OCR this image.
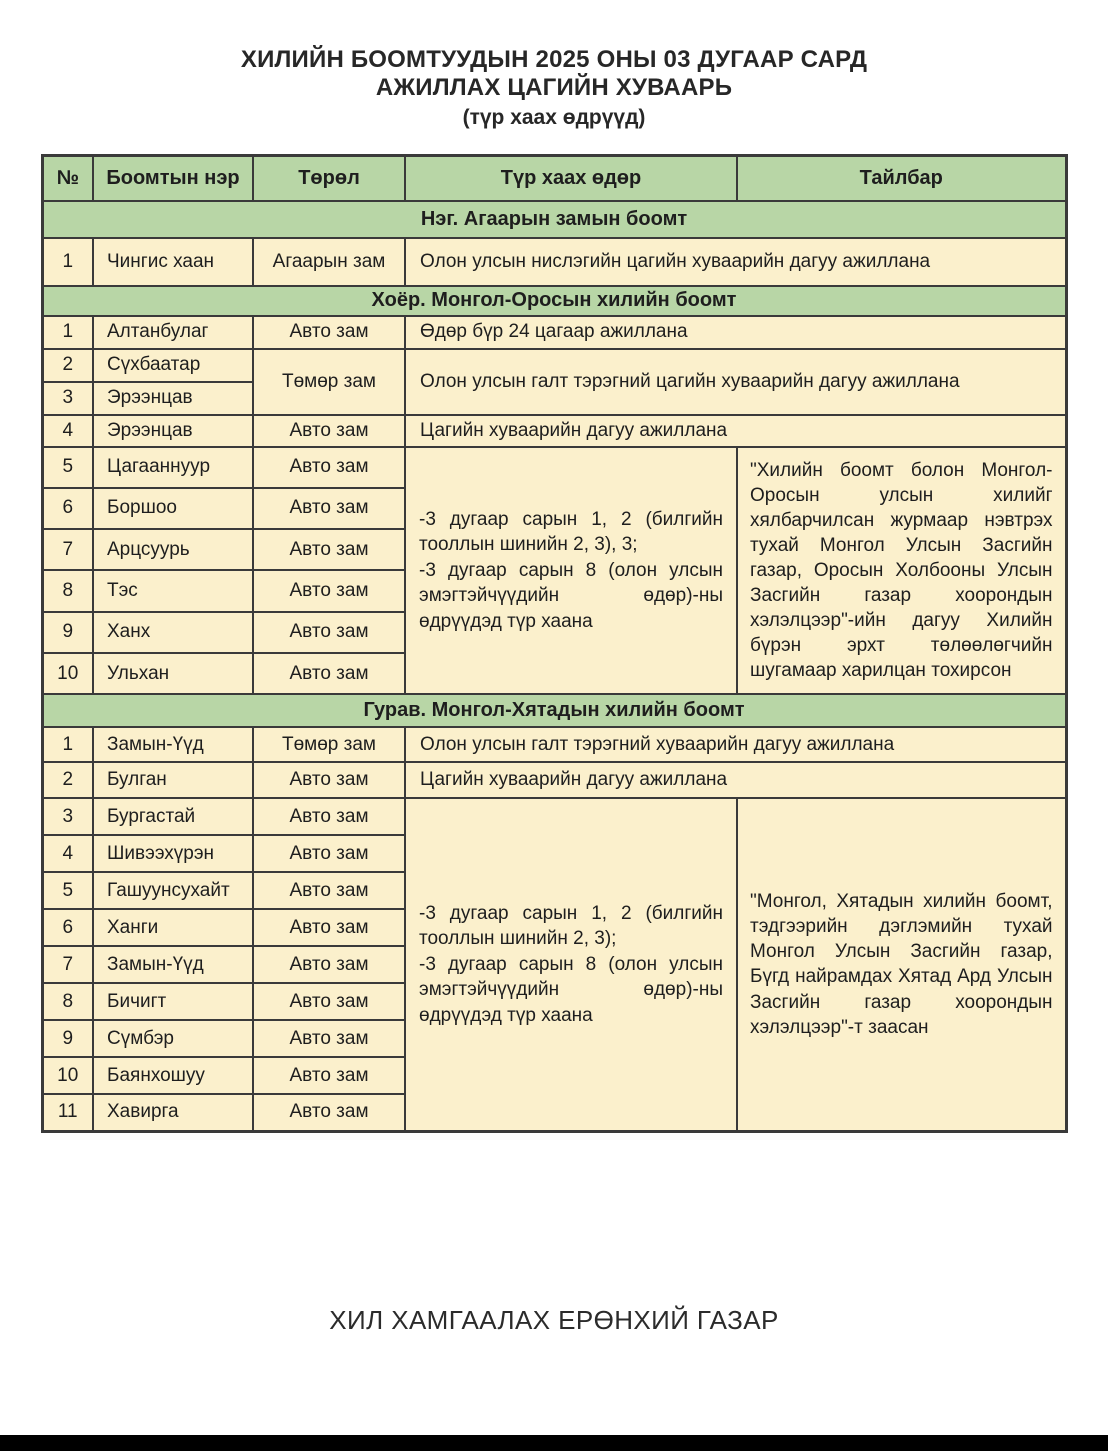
ХИЛИЙН БООМТУУДЫН 2025 ОНЫ 03 ДУГААР САРД
АЖИЛЛАХ ЦАГИЙН ХУВААРЬ
(түр хаах өдрүүд)
№	Боомтын нэр	Төрөл	Түр хаах өдөр	Тайлбар
Нэг. Агаарын замын боомт				
1	Чингис хаан	Агаарын зам	Олон улсын нислэгийн цагийн хуваарийн дагуу ажиллана	
Хоёр. Монгол-Оросын хилийн боомт				
1	Алтанбулаг	Авто зам	Өдөр бүр 24 цагаар ажиллана	
2	Сүхбаатар	Төмөр зам	Олон улсын галт тэрэгний цагийн хуваарийн дагуу ажиллана	
3	Эрээнцав			
4	Эрээнцав	Авто зам	Цагийн хуваарийн дагуу ажиллана	
5	Цагааннуур	Авто зам	-3 дугаар сарын 1, 2 (билгийн тооллын шинийн 2, 3), 3;
-3 дугаар сарын 8 (олон улсын эмэгтэйчүүдийн өдөр)-ны өдрүүдэд түр хаана	"Хилийн боомт болон Монгол-Оросын улсын хилийг хялбарчилсан журмаар нэвтрэх тухай Монгол Улсын Засгийн газар, Оросын Холбооны Улсын Засгийн газар хоорондын хэлэлцээр"-ийн дагуу Хилийн бүрэн эрхт төлөөлөгчийн шугамаар харилцан тохирсон
6	Боршоо	Авто зам		
7	Арцсуурь	Авто зам		
8	Тэс	Авто зам		
9	Ханх	Авто зам		
10	Ульхан	Авто зам		
Гурав. Монгол-Хятадын хилийн боомт				
1	Замын-Үүд	Төмөр зам	Олон улсын галт тэрэгний хуваарийн дагуу ажиллана	
2	Булган	Авто зам	Цагийн хуваарийн дагуу ажиллана	
3	Бургастай	Авто зам	-3 дугаар сарын 1, 2 (билгийн тооллын шинийн 2, 3);
-3 дугаар сарын 8 (олон улсын эмэгтэйчүүдийн өдөр)-ны өдрүүдэд түр хаана	"Монгол, Хятадын хилийн боомт, тэдгээрийн дэглэмийн тухай Монгол Улсын Засгийн газар, Бүгд найрамдах Хятад Ард Улсын Засгийн газар хоорондын хэлэлцээр"-т заасан
4	Шивээхүрэн	Авто зам		
5	Гашуунсухайт	Авто зам		
6	Ханги	Авто зам		
7	Замын-Үүд	Авто зам		
8	Бичигт	Авто зам		
9	Сүмбэр	Авто зам		
10	Баянхошуу	Авто зам		
11	Хавирга	Авто зам		
ХИЛ ХАМГААЛАХ ЕРӨНХИЙ ГАЗАР
